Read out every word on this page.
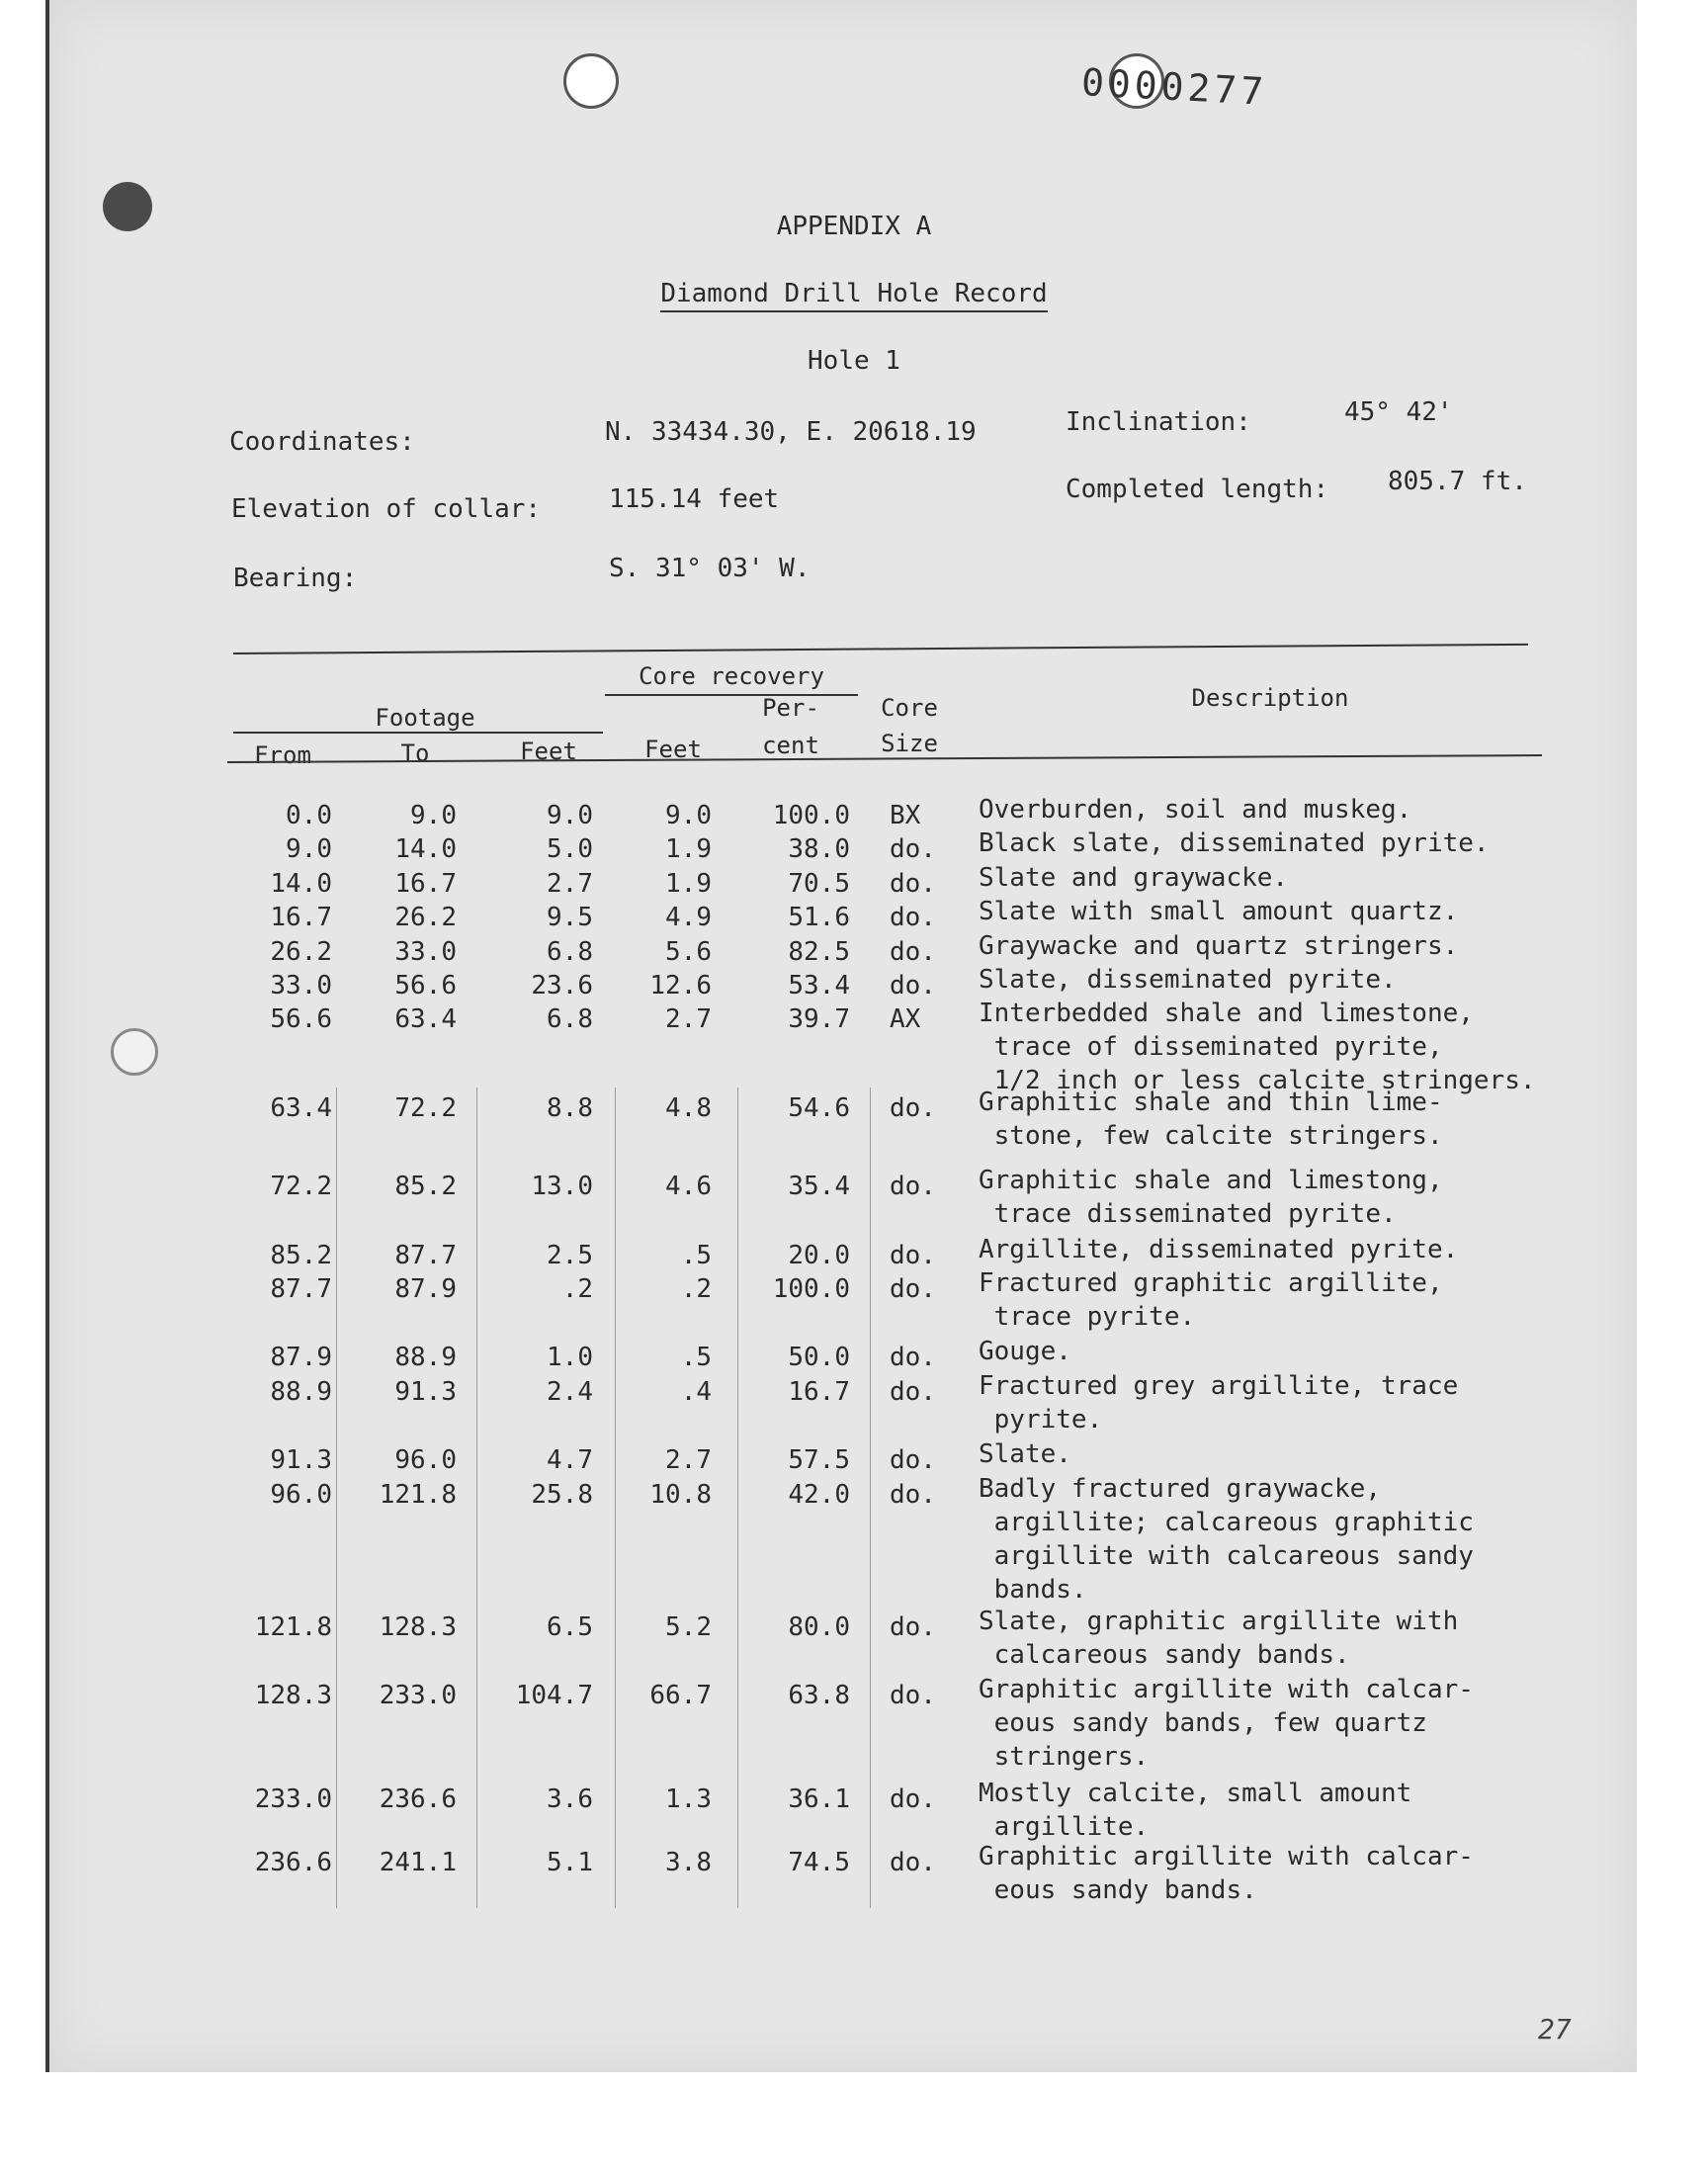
0000277
APPENDIX A
Diamond Drill Hole Record
Hole 1
Coordinates:	N. 33434.30, E. 20618.19	Inclination:	45° 42'
Elevation of collar:	115.14 feet	Completed length: 805.7 ft.
Bearing:	S. 31° 03' W.
Core recovery
Footage	Per-	Core	Description
From	To	Feet	Feet	cent	Size
0.0	9.0	9.0	9.0	100.0 BX	Overburden, soil and muskeg.
9.0	14.0	5.0	1.9	38.0 do.	Black slate, disseminated pyrite.
14.0	16.7	2.7	1.9	70.5 do.	Slate and graywacke.
16.7	26.2	9.5	4.9	51.6 do.	Slate with small amount quartz.
26.2	33.0	6.8	5.6	82.5 do.	Graywacke and quartz stringers.
33.0	56.6	23.6	12.6	53.4 do.	Slate, disseminated pyrite.
56.6	63.4	6.8	2.7	39.7 AX	Interbedded shale and limestone,
trace of disseminated pyrite,
1/2 inch or less calcite stringers.
63.4	72.2	8.8	4.8	54.6 do.	Graphitic shale and thin lime-
stone, few calcite stringers.
72.2	85.2	13.0	4.6	35.4 do.	Graphitic shale and limestong,
trace disseminated pyrite.
85.2	87.7	2.5	.5	20.0 do.	Argillite, disseminated pyrite.
87.7	87.9	.2	.2	100.0 do.	Fractured graphitic argillite,
trace pyrite.
87.9	88.9	1.0	.5	50.0 do.	Gouge.
88.9	91.3	2.4	.4	16.7 do.	Fractured grey argillite, trace
pyrite.
91.3	96.0	4.7	2.7	57.5 do.	Slate.
96.0	121.8	25.8	10.8	42.0 do.	Badly fractured graywacke,
argillite; calcareous graphitic
argillite with calcareous sandy
bands.
121.8	128.3	6.5	5.2	80.0 do.	Slate, graphitic argillite with
calcareous sandy bands.
128.3	233.0	104.7	66.7	63.8 do.	Graphitic argillite with calcar-
eous sandy bands, few quartz
stringers.
233.0	236.6	3.6	1.3	36.1 do.	Mostly calcite, small amount
argillite.
236.6	241.1	5.1	3.8	74.5 do.	Graphitic argillite with calcar-
eous sandy bands.
27
